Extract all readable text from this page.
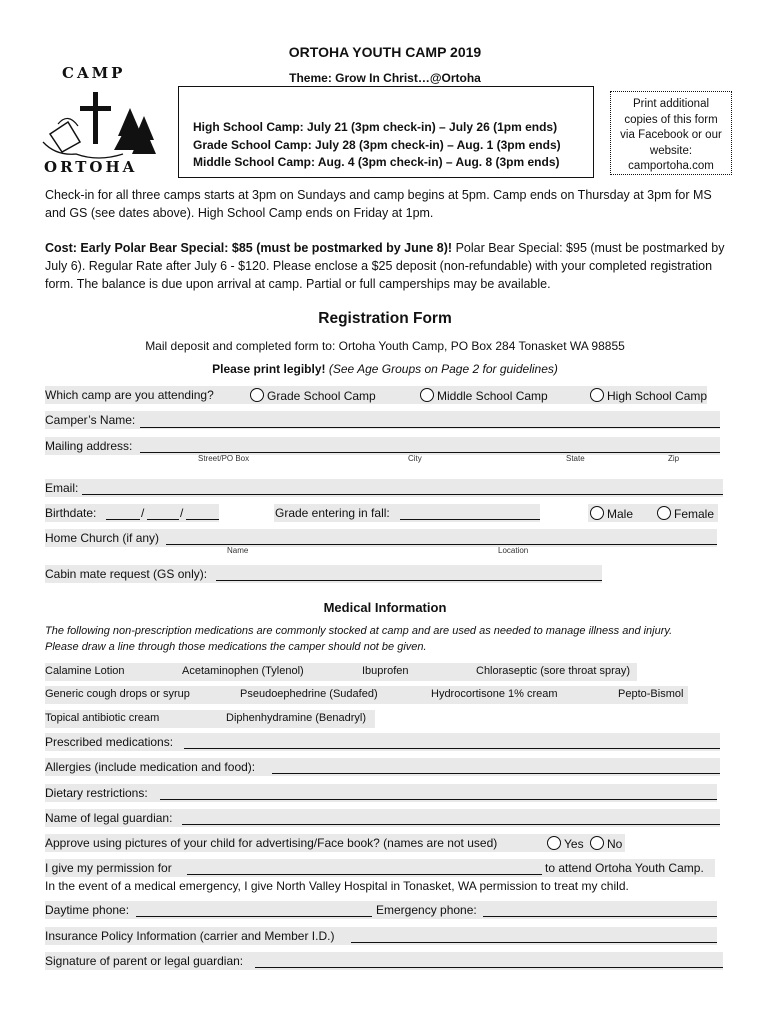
ORTOHA YOUTH CAMP 2019
Theme: Grow In Christ…@Ortoha
CAMP
ORTOHA
High School Camp: July 21 (3pm check-in) – July 26 (1pm ends)
Grade School Camp: July 28 (3pm check-in) – Aug. 1 (3pm ends)
Middle School Camp: Aug. 4 (3pm check-in) – Aug. 8 (3pm ends)
Print additional
copies of this form
via Facebook or our
website:
camportoha.com
Check-in for all three camps starts at 3pm on Sundays and camp begins at 5pm. Camp ends on Thursday at 3pm for MS and GS (see dates above). High School Camp ends on Friday at 1pm.
Cost: Early Polar Bear Special: $85 (must be postmarked by June 8)! Polar Bear Special: $95 (must be postmarked by July 6). Regular Rate after July 6 - $120. Please enclose a $25 deposit (non-refundable) with your completed registration form. The balance is due upon arrival at camp. Partial or full camperships may be available.
Registration Form
Mail deposit and completed form to: Ortoha Youth Camp, PO Box 284 Tonasket WA 98855
Please print legibly! (See Age Groups on Page 2 for guidelines)
Which camp are you attending?	Grade School Camp	Middle School Camp	High School Camp
Camper’s Name:
Mailing address:
Street/PO Box	City	State	Zip
Email:
Birthdate:	/	/	Grade entering in fall:	Male	Female
Home Church (if any)
Name	Location
Cabin mate request (GS only):
Medical Information
The following non-prescription medications are commonly stocked at camp and are used as needed to manage illness and injury.
Please draw a line through those medications the camper should not be given.
Calamine Lotion	Acetaminophen (Tylenol)	Ibuprofen	Chloraseptic (sore throat spray)
Generic cough drops or syrup	Pseudoephedrine (Sudafed)	Hydrocortisone 1% cream	Pepto-Bismol
Topical antibiotic cream	Diphenhydramine (Benadryl)
Prescribed medications:
Allergies (include medication and food):
Dietary restrictions:
Name of legal guardian:
Approve using pictures of your child for advertising/Face book? (names are not used)	Yes	No
I give my permission for	to attend Ortoha Youth Camp.
In the event of a medical emergency, I give North Valley Hospital in Tonasket, WA permission to treat my child.
Daytime phone:	Emergency phone:
Insurance Policy Information (carrier and Member I.D.)
Signature of parent or legal guardian:
